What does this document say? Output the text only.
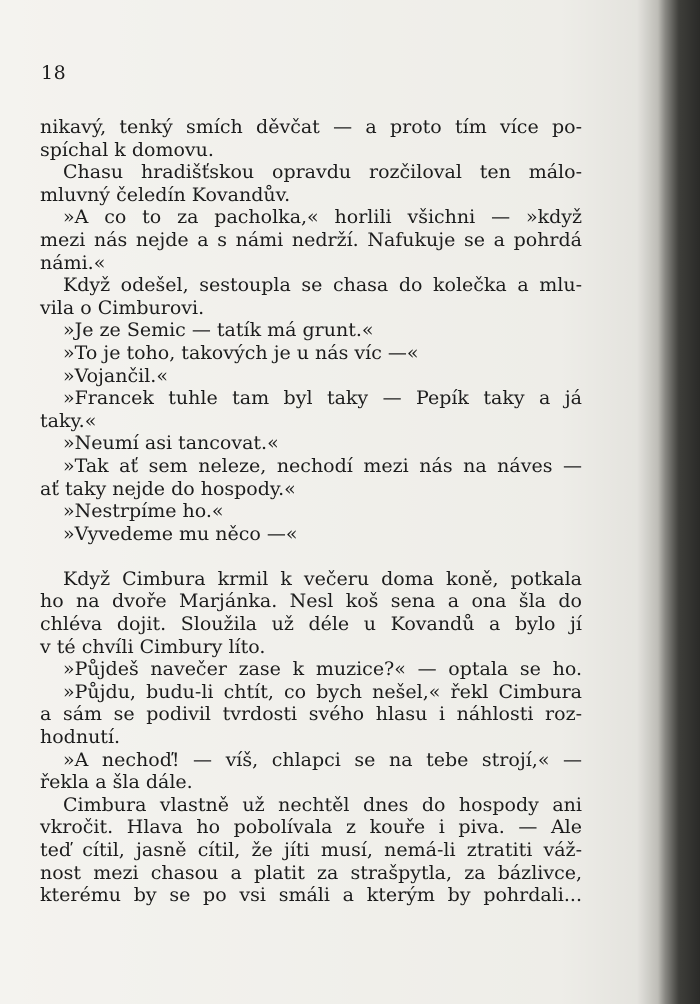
18
nikavý, tenký smích děvčat — a proto tím více po-
spíchal k domovu.
Chasu hradišťskou opravdu rozčiloval ten málo-
mluvný čeledín Kovandův.
»A co to za pacholka,« horlili všichni — »když
mezi nás nejde a s námi nedrží. Nafukuje se a pohrdá
námi.«
Když odešel, sestoupla se chasa do kolečka a mlu-
vila o Cimburovi.
»Je ze Semic — tatík má grunt.«
»To je toho, takových je u nás víc —«
»Vojančil.«
»Francek tuhle tam byl taky — Pepík taky a já
taky.«
»Neumí asi tancovat.«
»Tak ať sem neleze, nechodí mezi nás na náves —
ať taky nejde do hospody.«
»Nestrpíme ho.«
»Vyvedeme mu něco —«
Když Cimbura krmil k večeru doma koně, potkala
ho na dvoře Marjánka. Nesl koš sena a ona šla do
chléva dojit. Sloužila už déle u Kovandů a bylo jí
v té chvíli Cimbury líto.
»Půjdeš navečer zase k muzice?« — optala se ho.
»Půjdu, budu-li chtít, co bych nešel,« řekl Cimbura
a sám se podivil tvrdosti svého hlasu i náhlosti roz-
hodnutí.
»A nechoď! — víš, chlapci se na tebe strojí,« —
řekla a šla dále.
Cimbura vlastně už nechtěl dnes do hospody ani
vkročit. Hlava ho pobolívala z kouře i piva. — Ale
teď cítil, jasně cítil, že jíti musí, nemá-li ztratiti váž-
nost mezi chasou a platit za strašpytla, za bázlivce,
kterému by se po vsi smáli a kterým by pohrdali...
